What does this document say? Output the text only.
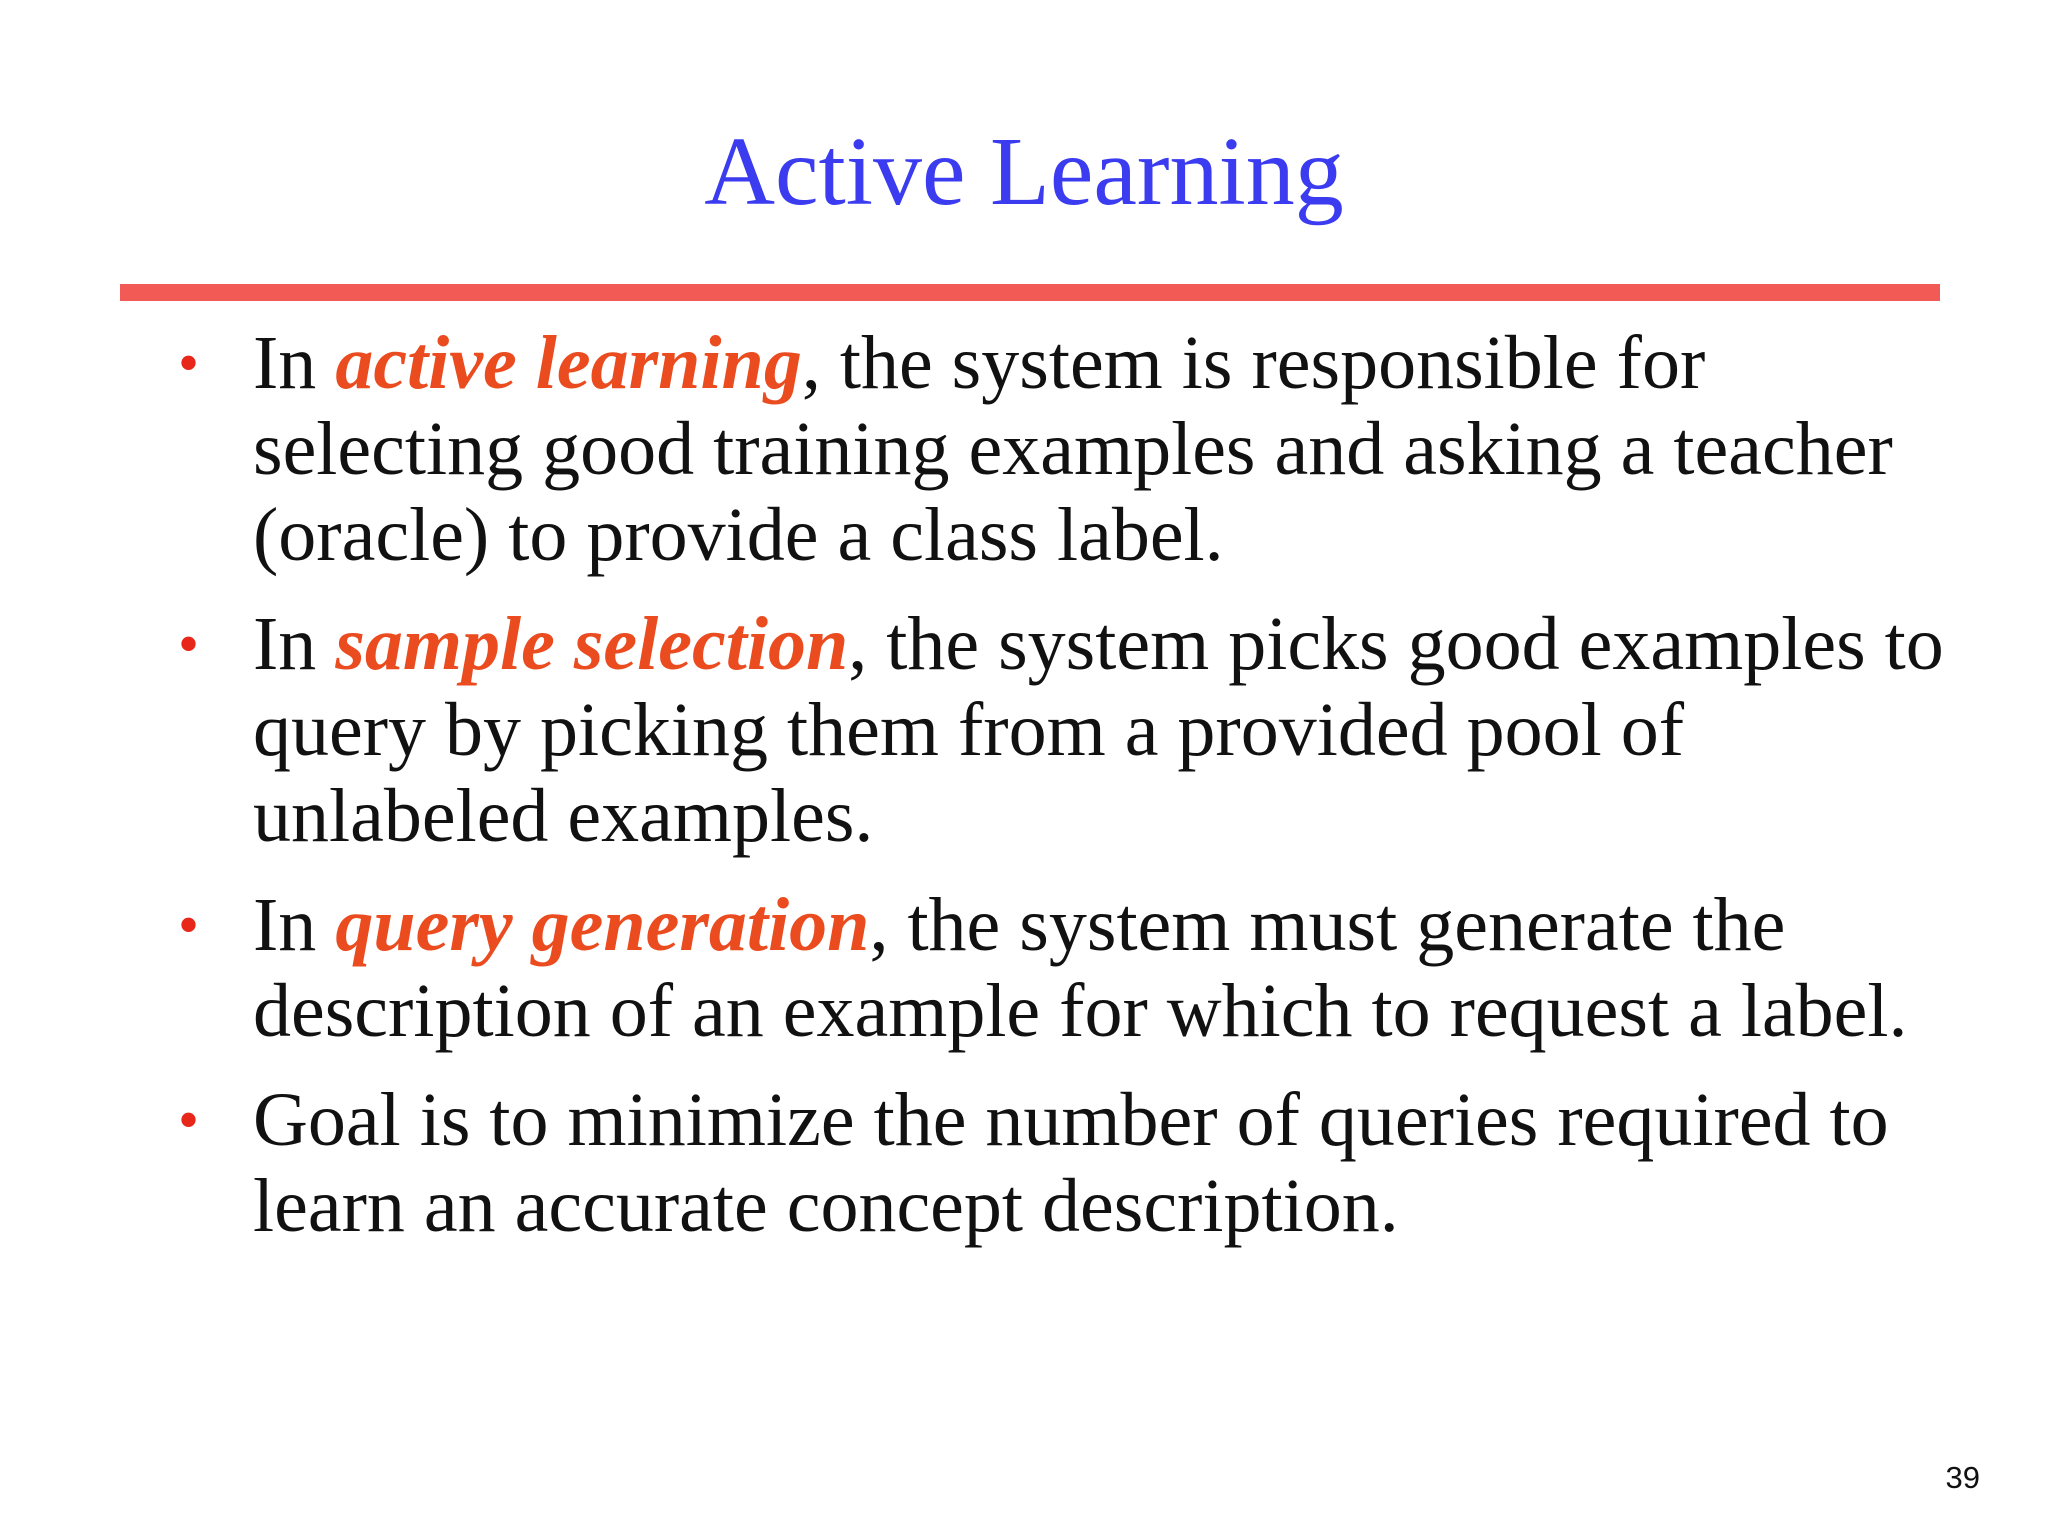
Active Learning
• In active learning, the system is responsible for selecting good training examples and asking a teacher (oracle) to provide a class label.
• In sample selection, the system picks good examples to query by picking them from a provided pool of unlabeled examples.
• In query generation, the system must generate the description of an example for which to request a label.
• Goal is to minimize the number of queries required to learn an accurate concept description.
39
